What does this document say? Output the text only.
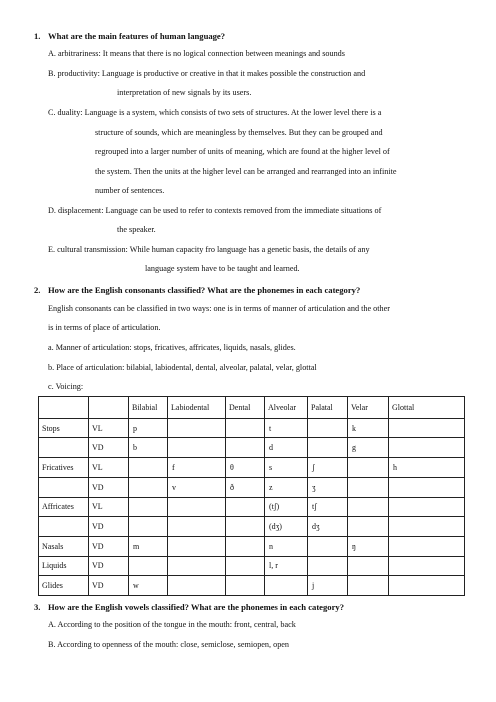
1. What are the main features of human language?
A. arbitrariness: It means that there is no logical connection between meanings and sounds
B. productivity: Language is productive or creative in that it makes possible the construction and
interpretation of new signals by its users.
C. duality: Language is a system, which consists of two sets of structures. At the lower level there is a
structure of sounds, which are meaningless by themselves. But they can be grouped and
regrouped into a larger number of units of meaning, which are found at the higher level of
the system. Then the units at the higher level can be arranged and rearranged into an infinite
number of sentences.
D. displacement: Language can be used to refer to contexts removed from the immediate situations of
the speaker.
E. cultural transmission: While human capacity fro language has a genetic basis, the details of any
language system have to be taught and learned.
2. How are the English consonants classified? What are the phonemes in each category?
English consonants can be classified in two ways: one is in terms of manner of articulation and the other
is in terms of place of articulation.
a. Manner of articulation: stops, fricatives, affricates, liquids, nasals, glides.
b. Place of articulation: bilabial, labiodental, dental, alveolar, palatal, velar, glottal
c. Voicing:
		Bilabial	Labiodental	Dental	Alveolar	Palatal	Velar	Glottal
Stops	VL	p			t		k	
	VD	b			d		g	
Fricatives	VL		f	θ	s	ʃ		h
	VD		v	ð	z	ʒ		
Affricates	VL				(tʃ)	tʃ		
	VD				(dʒ)	dʒ		
Nasals	VD	m			n		ŋ	
Liquids	VD				l, r			
Glides	VD	w				j		
3. How are the English vowels classified? What are the phonemes in each category?
A. According to the position of the tongue in the mouth: front, central, back
B. According to openness of the mouth: close, semiclose, semiopen, open
